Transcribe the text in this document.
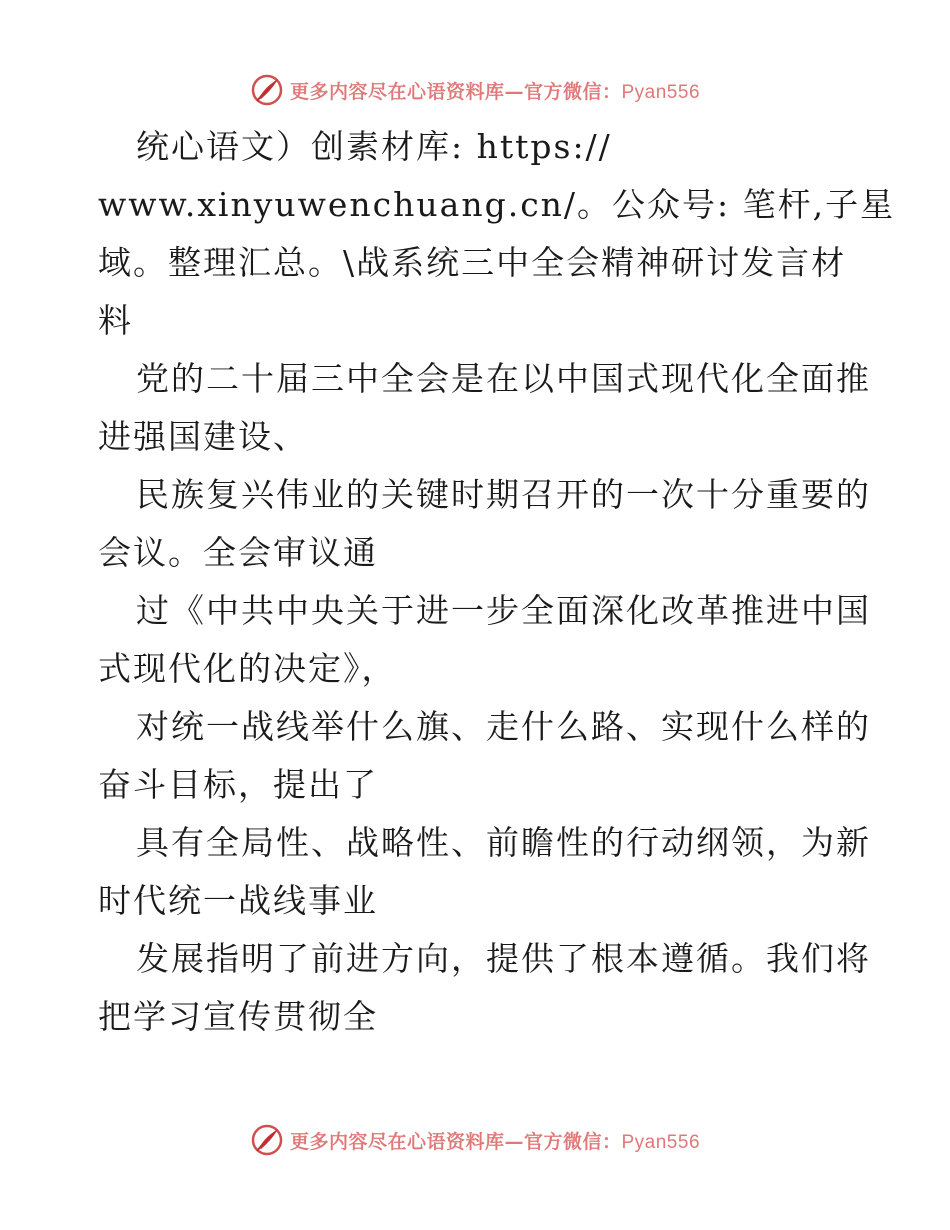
更多内容尽在心语资料库—官方微信：Pyan556
统心语文）创素材库: https://
www.xinyuwenchuang.cn/。公众号: 笔杆,子星
域。整理汇总。\战系统三中全会精神研讨发言材
料
党的二十届三中全会是在以中国式现代化全面推
进强国建设、
民族复兴伟业的关键时期召开的一次十分重要的
会议。全会审议通
过《中共中央关于进一步全面深化改革推进中国
式现代化的决定》，
对统一战线举什么旗、走什么路、实现什么样的
奋斗目标，提出了
具有全局性、战略性、前瞻性的行动纲领，为新
时代统一战线事业
发展指明了前进方向，提供了根本遵循。我们将
把学习宣传贯彻全
更多内容尽在心语资料库—官方微信：Pyan556
